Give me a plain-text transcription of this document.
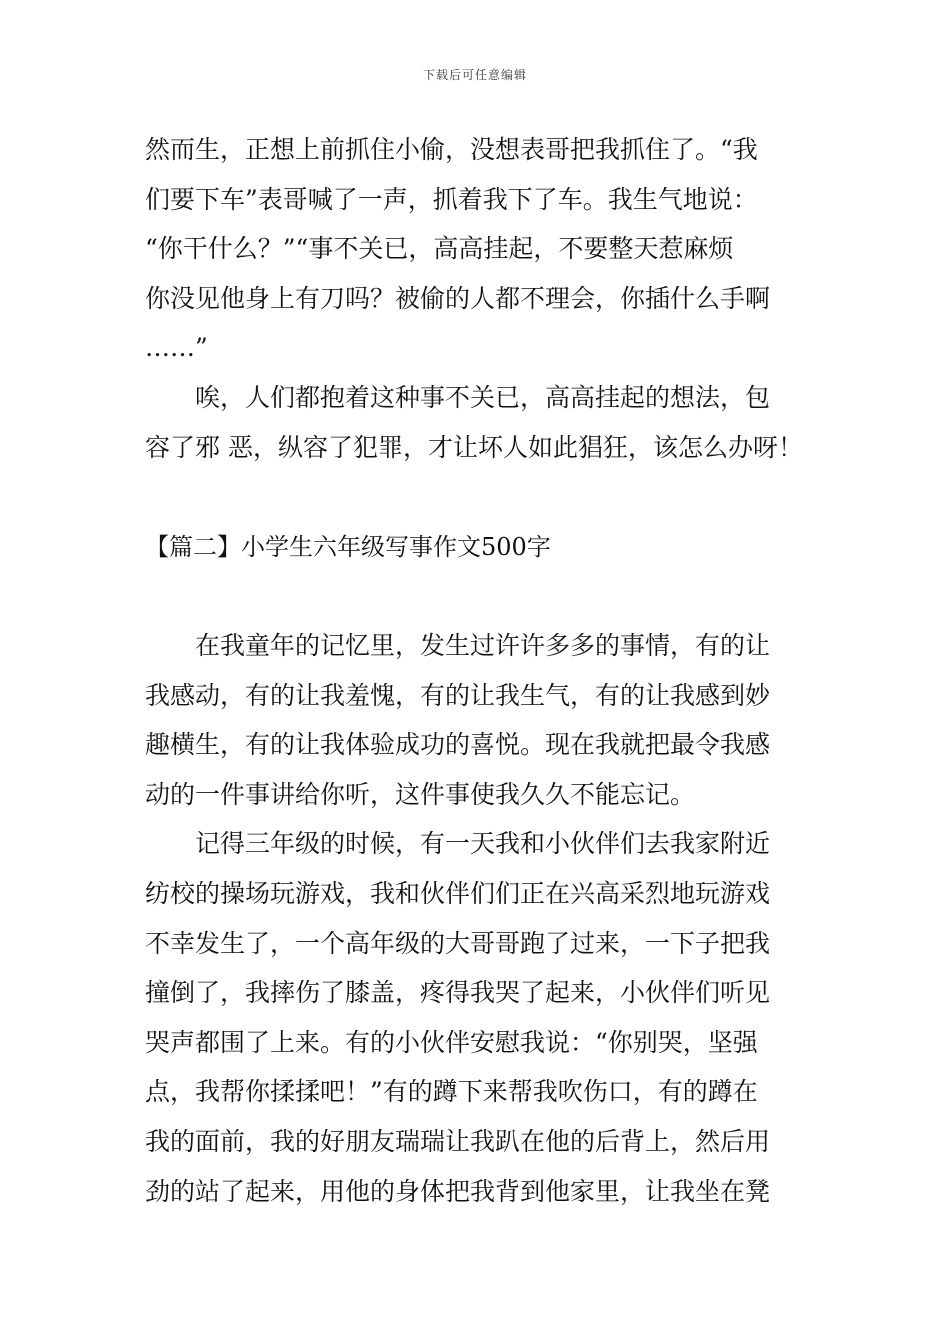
下载后可任意编辑
然而生，正想上前抓住小偷，没想表哥把我抓住了。“我
们要下车”表哥喊了一声，抓着我下了车。我生气地说：
“你干什么？”“事不关已，高高挂起，不要整天惹麻烦
你没见他身上有刀吗？被偷的人都不理会，你插什么手啊
……”
　　唉，人们都抱着这种事不关已，高高挂起的想法，包
容了邪 恶，纵容了犯罪，才让坏人如此猖狂，该怎么办呀！
【篇二】小学生六年级写事作文500字
　　在我童年的记忆里，发生过许许多多的事情，有的让
我感动，有的让我羞愧，有的让我生气，有的让我感到妙
趣横生，有的让我体验成功的喜悦。现在我就把最令我感
动的一件事讲给你听，这件事使我久久不能忘记。
　　记得三年级的时候，有一天我和小伙伴们去我家附近
纺校的操场玩游戏，我和伙伴们们正在兴高采烈地玩游戏
不幸发生了，一个高年级的大哥哥跑了过来，一下子把我
撞倒了，我摔伤了膝盖，疼得我哭了起来，小伙伴们听见
哭声都围了上来。有的小伙伴安慰我说：“你别哭，坚强
点，我帮你揉揉吧！”有的蹲下来帮我吹伤口，有的蹲在
我的面前，我的好朋友瑞瑞让我趴在他的后背上，然后用
劲的站了起来，用他的身体把我背到他家里，让我坐在凳
